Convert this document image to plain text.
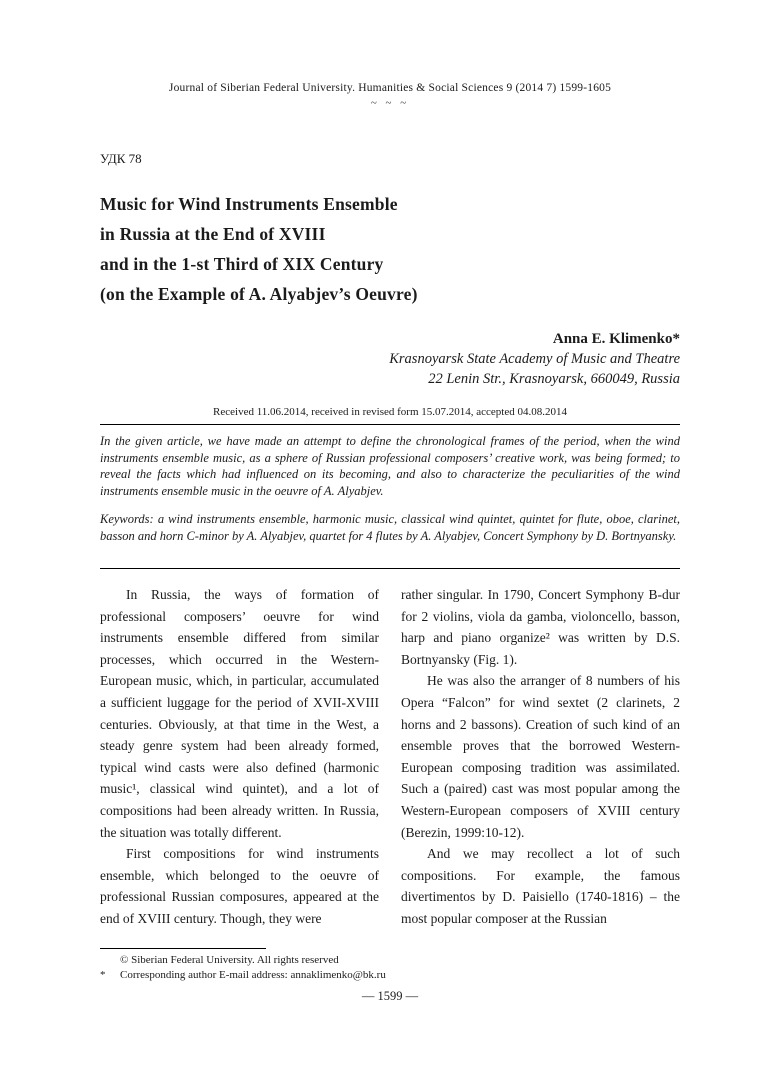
Journal of Siberian Federal University. Humanities & Social Sciences 9 (2014 7) 1599-1605
~ ~ ~
УДК 78
Music for Wind Instruments Ensemble
in Russia at the End of XVIII
and in the 1-st Third of XIX Century
(on the Example of A. Alyabjev’s Oeuvre)
Anna E. Klimenko*
Krasnoyarsk State Academy of Music and Theatre
22 Lenin Str., Krasnoyarsk, 660049, Russia
Received 11.06.2014, received in revised form 15.07.2014, accepted 04.08.2014

In the given article, we have made an attempt to define the chronological frames of the period, when the wind instruments ensemble music, as a sphere of Russian professional composers’ creative work, was being formed; to reveal the facts which had influenced on its becoming, and also to characterize the peculiarities of the wind instruments ensemble music in the oeuvre of A. Alyabjev.

Keywords: a wind instruments ensemble, harmonic music, classical wind quintet, quintet for flute, oboe, clarinet, basson and horn C-minor by A. Alyabjev, quartet for 4 flutes by A. Alyabjev, Concert Symphony by D. Bortnyansky.

In Russia, the ways of formation of professional composers’ oeuvre for wind instruments ensemble differed from similar processes, which occurred in the Western-European music, which, in particular, accumulated a sufficient luggage for the period of XVII-XVIII centuries. Obviously, at that time in the West, a steady genre system had been already formed, typical wind casts were also defined (harmonic music¹, classical wind quintet), and a lot of compositions had been already written. In Russia, the situation was totally different.

First compositions for wind instruments ensemble, which belonged to the oeuvre of professional Russian composures, appeared at the end of XVIII century. Though, they were

rather singular. In 1790, Concert Symphony B-dur for 2 violins, viola da gamba, violoncello, basson, harp and piano organize² was written by D.S. Bortnyansky (Fig. 1).

He was also the arranger of 8 numbers of his Opera “Falcon” for wind sextet (2 clarinets, 2 horns and 2 bassons). Creation of such kind of an ensemble proves that the borrowed Western-European composing tradition was assimilated. Such a (paired) cast was most popular among the Western-European composers of XVIII century (Berezin, 1999:10-12).

And we may recollect a lot of such compositions. For example, the famous divertimentos by D. Paisiello (1740-1816) – the most popular composer at the Russian

© Siberian Federal University. All rights reserved
*	Corresponding author E-mail address: annaklimenko@bk.ru
— 1599 —
